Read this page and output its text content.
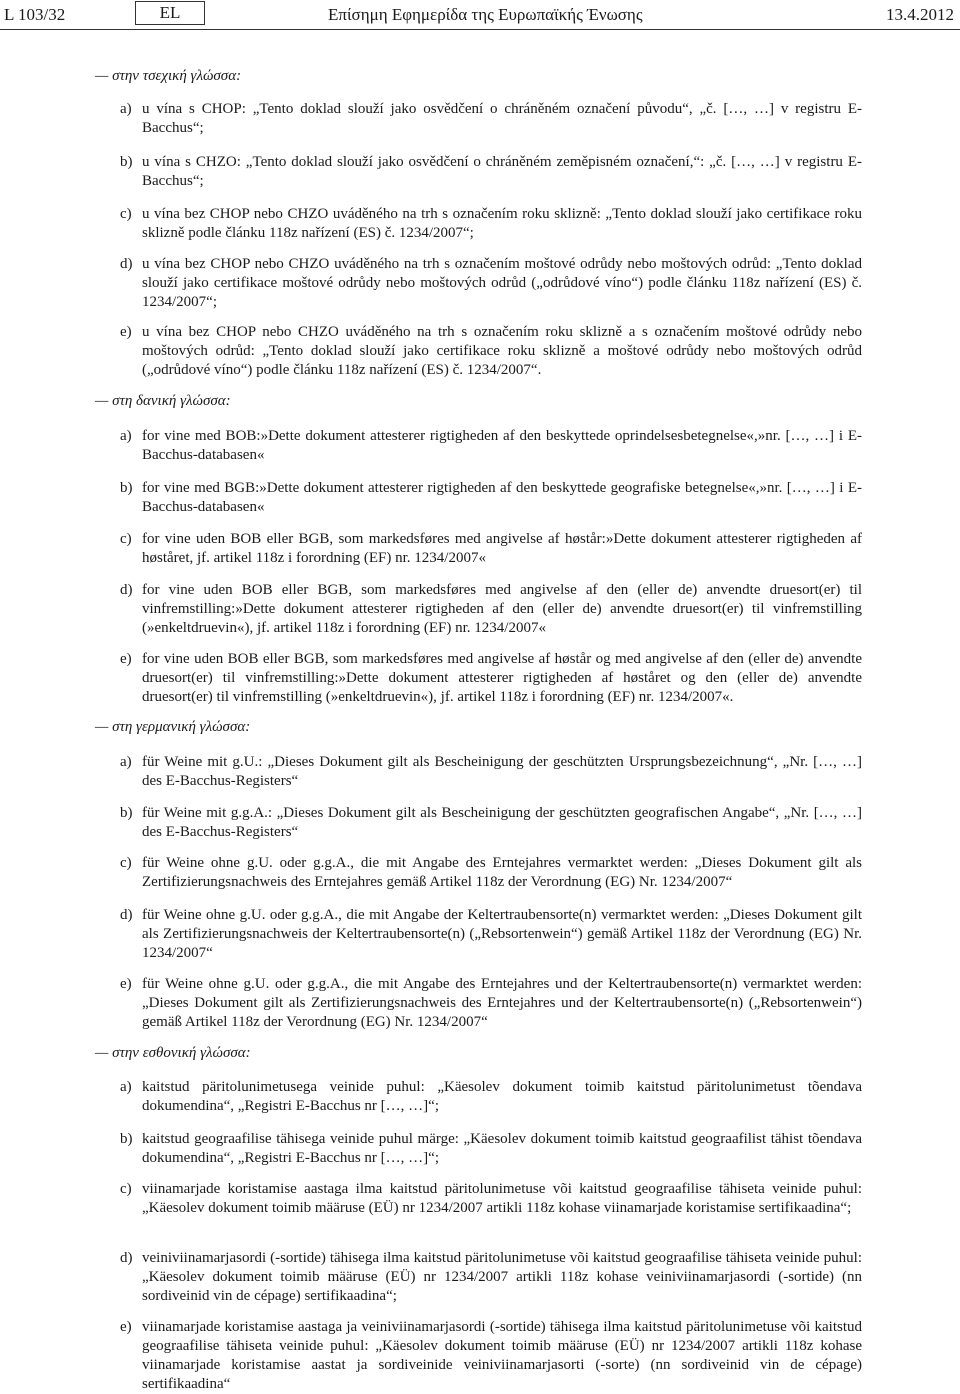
L 103/32	EL	Επίσημη Εφημερίδα της Ευρωπαϊκής Ένωσης	13.4.2012
— στην τσεχική γλώσσα:
a) u vína s CHOP: „Tento doklad slouží jako osvědčení o chráněném označení původu“, „č. […, …] v registru E-Bacchus“;
b) u vína s CHZO: „Tento doklad slouží jako osvědčení o chráněném zeměpisném označení,“: „č. […, …] v registru E-Bacchus“;
c) u vína bez CHOP nebo CHZO uváděného na trh s označením roku sklizně: „Tento doklad slouží jako certifikace roku sklizně podle článku 118z nařízení (ES) č. 1234/2007“;
d) u vína bez CHOP nebo CHZO uváděného na trh s označením moštové odrůdy nebo moštových odrůd: „Tento doklad slouží jako certifikace moštové odrůdy nebo moštových odrůd („odrůdové víno“) podle článku 118z nařízení (ES) č. 1234/2007“;
e) u vína bez CHOP nebo CHZO uváděného na trh s označením roku sklizně a s označením moštové odrůdy nebo moštových odrůd: „Tento doklad slouží jako certifikace roku sklizně a moštové odrůdy nebo moštových odrůd („odrůdové víno“) podle článku 118z nařízení (ES) č. 1234/2007“.
— στη δανική γλώσσα:
a) for vine med BOB:»Dette dokument attesterer rigtigheden af den beskyttede oprindelsesbetegnelse«,»nr. […, …] i E-Bacchus-databasen«
b) for vine med BGB:»Dette dokument attesterer rigtigheden af den beskyttede geografiske betegnelse«,»nr. […, …] i E-Bacchus-databasen«
c) for vine uden BOB eller BGB, som markedsføres med angivelse af høstår:»Dette dokument attesterer rigtigheden af høståret, jf. artikel 118z i forordning (EF) nr. 1234/2007«
d) for vine uden BOB eller BGB, som markedsføres med angivelse af den (eller de) anvendte druesort(er) til vinfremstilling:»Dette dokument attesterer rigtigheden af den (eller de) anvendte druesort(er) til vinfremstilling (»enkeltdruevin«), jf. artikel 118z i forordning (EF) nr. 1234/2007«
e) for vine uden BOB eller BGB, som markedsføres med angivelse af høstår og med angivelse af den (eller de) anvendte druesort(er) til vinfremstilling:»Dette dokument attesterer rigtigheden af høståret og den (eller de) anvendte druesort(er) til vinfremstilling (»enkeltdruevin«), jf. artikel 118z i forordning (EF) nr. 1234/2007«.
— στη γερμανική γλώσσα:
a) für Weine mit g.U.: „Dieses Dokument gilt als Bescheinigung der geschützten Ursprungsbezeichnung“, „Nr. […, …] des E-Bacchus-Registers“
b) für Weine mit g.g.A.: „Dieses Dokument gilt als Bescheinigung der geschützten geografischen Angabe“, „Nr. […, …] des E-Bacchus-Registers“
c) für Weine ohne g.U. oder g.g.A., die mit Angabe des Erntejahres vermarktet werden: „Dieses Dokument gilt als Zertifizierungsnachweis des Erntejahres gemäß Artikel 118z der Verordnung (EG) Nr. 1234/2007“
d) für Weine ohne g.U. oder g.g.A., die mit Angabe der Keltertraubensorte(n) vermarktet werden: „Dieses Dokument gilt als Zertifizierungsnachweis der Keltertraubensorte(n) („Rebsortenwein“) gemäß Artikel 118z der Verordnung (EG) Nr. 1234/2007“
e) für Weine ohne g.U. oder g.g.A., die mit Angabe des Erntejahres und der Keltertraubensorte(n) vermarktet werden: „Dieses Dokument gilt als Zertifizierungsnachweis des Erntejahres und der Keltertraubensorte(n) („Rebsortenwein“) gemäß Artikel 118z der Verordnung (EG) Nr. 1234/2007“
— στην εσθονική γλώσσα:
a) kaitstud päritolunimetusega veinide puhul: „Käesolev dokument toimib kaitstud päritolunimetust tõendava dokumendina“, „Registri E-Bacchus nr […, …]“;
b) kaitstud geograafilise tähisega veinide puhul märge: „Käesolev dokument toimib kaitstud geograafilist tähist tõendava dokumendina“, „Registri E-Bacchus nr […, …]“;
c) viinamarjade koristamise aastaga ilma kaitstud päritolunimetuse või kaitstud geograafilise tähiseta veinide puhul: „Käesolev dokument toimib määruse (EÜ) nr 1234/2007 artikli 118z kohase viinamarjade koristamise sertifikaadina“;
d) veiniviinamarjasordi (-sortide) tähisega ilma kaitstud päritolunimetuse või kaitstud geograafilise tähiseta veinide puhul: „Käesolev dokument toimib määruse (EÜ) nr 1234/2007 artikli 118z kohase veiniviinamarjasordi (-sortide) (nn sordiveinid vin de cépage) sertifikaadina“;
e) viinamarjade koristamise aastaga ja veiniviinamarjasordi (-sortide) tähisega ilma kaitstud päritolunimetuse või kaitstud geograafilise tähiseta veinide puhul: „Käesolev dokument toimib määruse (EÜ) nr 1234/2007 artikli 118z kohase viinamarjade koristamise aastat ja sordiveinide veiniviinamarjasorti (-sorte) (nn sordiveinid vin de cépage) sertifikaadina“
